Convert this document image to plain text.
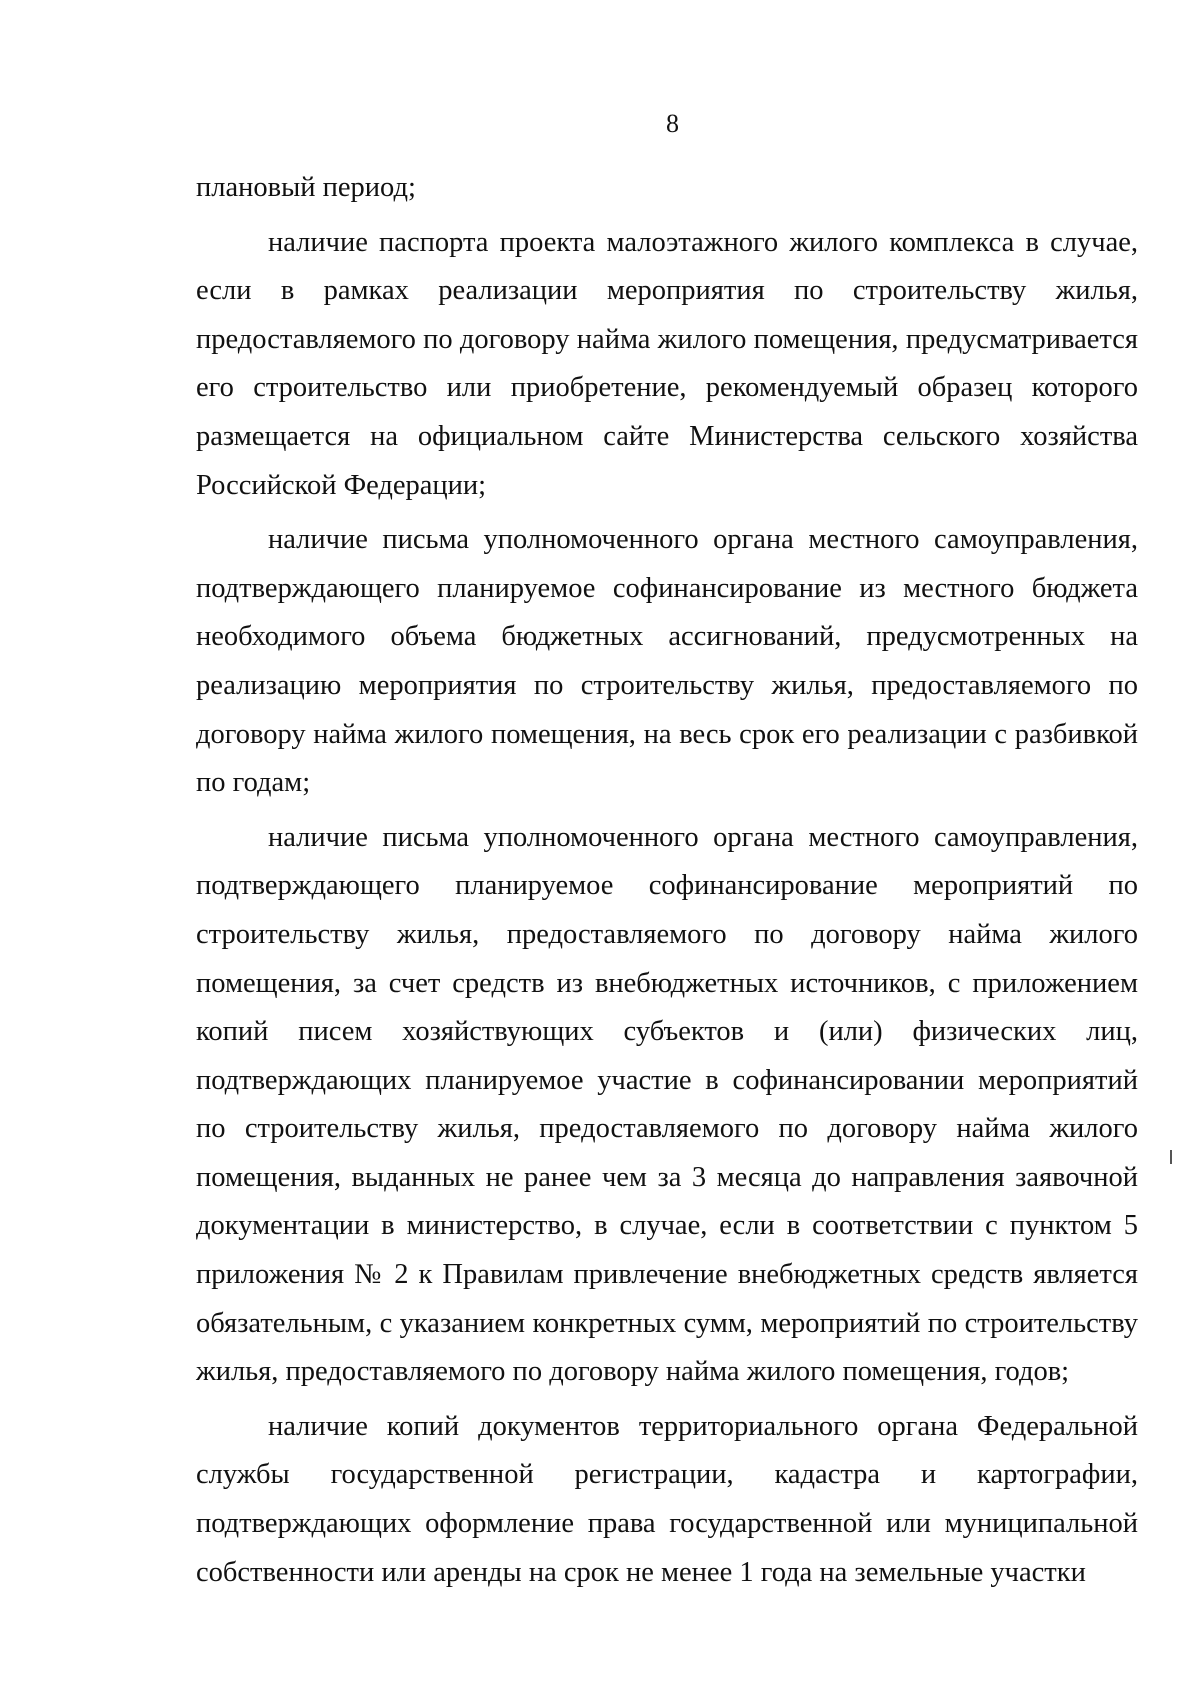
8

плановый период;

наличие паспорта проекта малоэтажного жилого комплекса в случае, если в рамках реализации мероприятия по строительству жилья, предоставляемого по договору найма жилого помещения, предусматривается его строительство или приобретение, рекомендуемый образец которого размещается на официальном сайте Министерства сельского хозяйства Российской Федерации;

наличие письма уполномоченного органа местного самоуправления, подтверждающего планируемое софинансирование из местного бюджета необходимого объема бюджетных ассигнований, предусмотренных на реализацию мероприятия по строительству жилья, предоставляемого по договору найма жилого помещения, на весь срок его реализации с разбивкой по годам;

наличие письма уполномоченного органа местного самоуправления, подтверждающего планируемое софинансирование мероприятий по строительству жилья, предоставляемого по договору найма жилого помещения, за счет средств из внебюджетных источников, с приложением копий писем хозяйствующих субъектов и (или) физических лиц, подтверждающих планируемое участие в софинансировании мероприятий по строительству жилья, предоставляемого по договору найма жилого помещения, выданных не ранее чем за 3 месяца до направления заявочной документации в министерство, в случае, если в соответствии с пунктом 5 приложения № 2 к Правилам привлечение внебюджетных средств является обязательным, с указанием конкретных сумм, мероприятий по строительству жилья, предоставляемого по договору найма жилого помещения, годов;

наличие копий документов территориального органа Федеральной службы государственной регистрации, кадастра и картографии, подтверждающих оформление права государственной или муниципальной собственности или аренды на срок не менее 1 года на земельные участки
